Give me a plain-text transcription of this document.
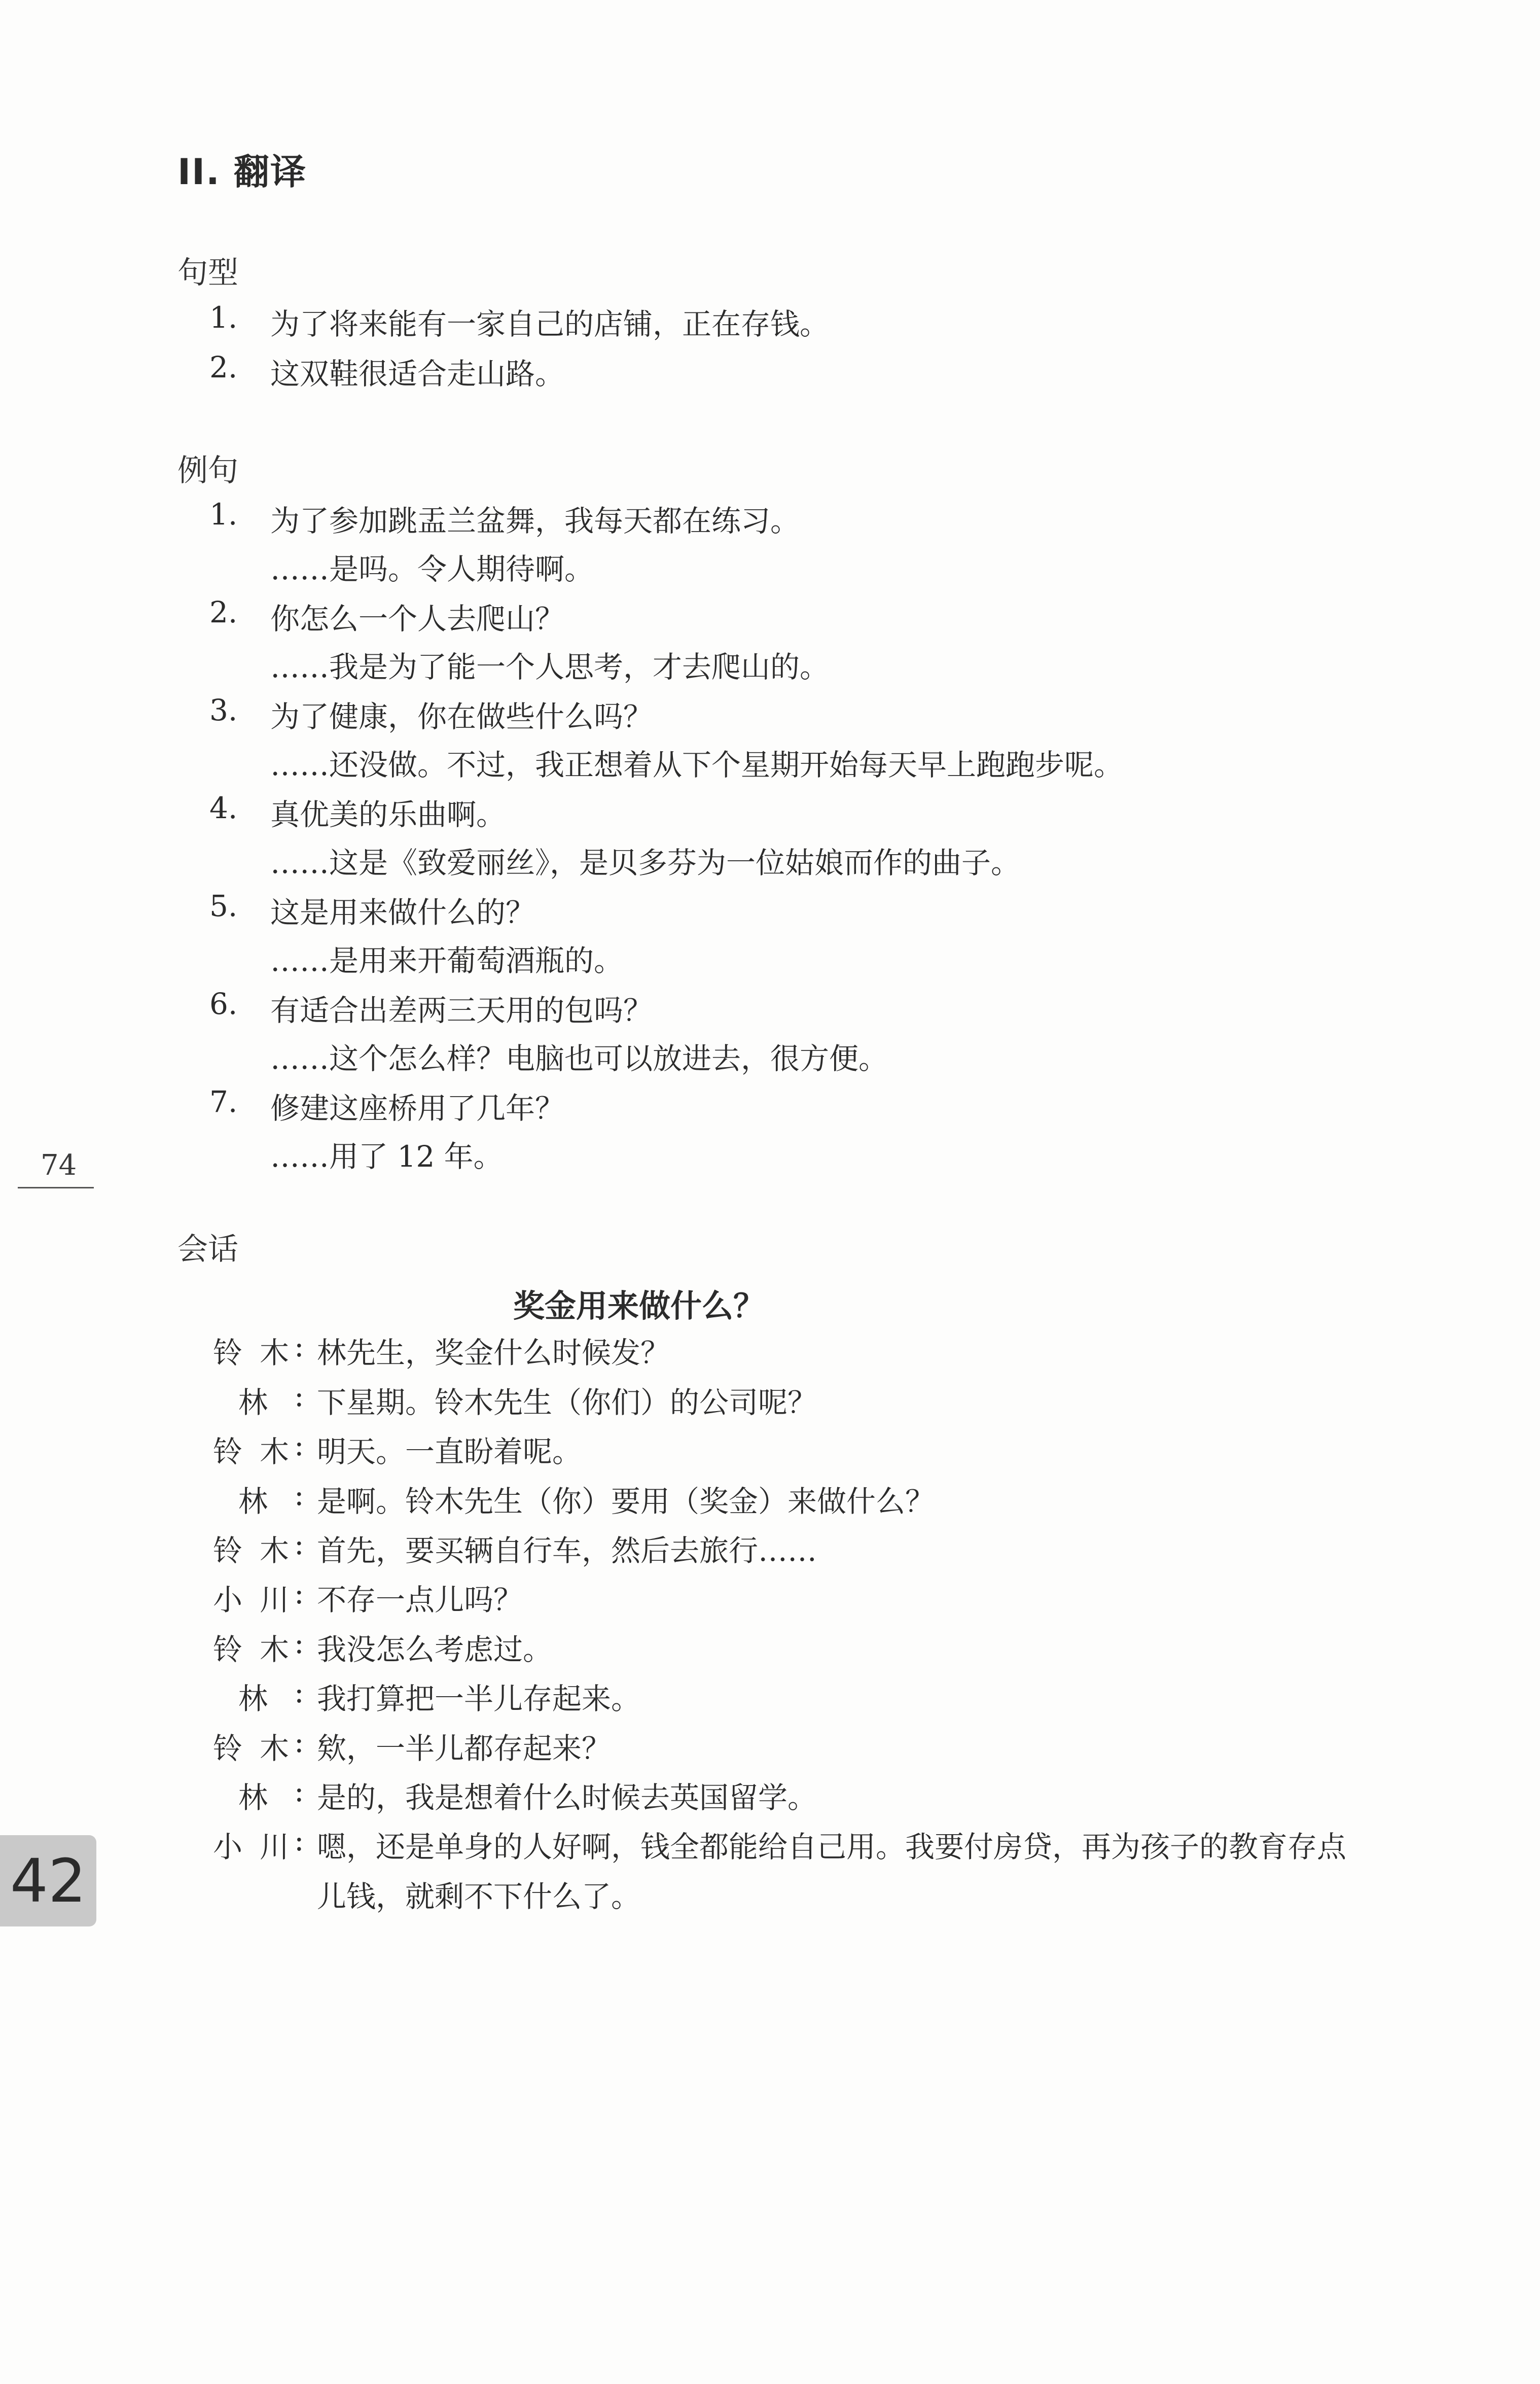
II. 翻译
句型
1. 为了将来能有一家自己的店铺，正在存钱。
2. 这双鞋很适合走山路。
例句
1. 为了参加跳盂兰盆舞，我每天都在练习。
……是吗。令人期待啊。
2. 你怎么一个人去爬山？
……我是为了能一个人思考，才去爬山的。
3. 为了健康，你在做些什么吗？
……还没做。不过，我正想着从下个星期开始每天早上跑跑步呢。
4. 真优美的乐曲啊。
……这是《致爱丽丝》，是贝多芬为一位姑娘而作的曲子。
5. 这是用来做什么的？
……是用来开葡萄酒瓶的。
6. 有适合出差两三天用的包吗？
……这个怎么样？电脑也可以放进去，很方便。
7. 修建这座桥用了几年？
……用了 12 年。
74
会话
奖金用来做什么？
铃木 : 林先生，奖金什么时候发？
林 : 下星期。铃木先生（你们）的公司呢？
铃木 : 明天。一直盼着呢。
林 : 是啊。铃木先生（你）要用（奖金）来做什么？
铃木 : 首先，要买辆自行车，然后去旅行……
小川 : 不存一点儿吗？
铃木 : 我没怎么考虑过。
林 : 我打算把一半儿存起来。
铃木 : 欸，一半儿都存起来？
林 : 是的，我是想着什么时候去英国留学。
小川 : 嗯，还是单身的人好啊，钱全都能给自己用。我要付房贷，再为孩子的教育存点
儿钱，就剩不下什么了。
42
